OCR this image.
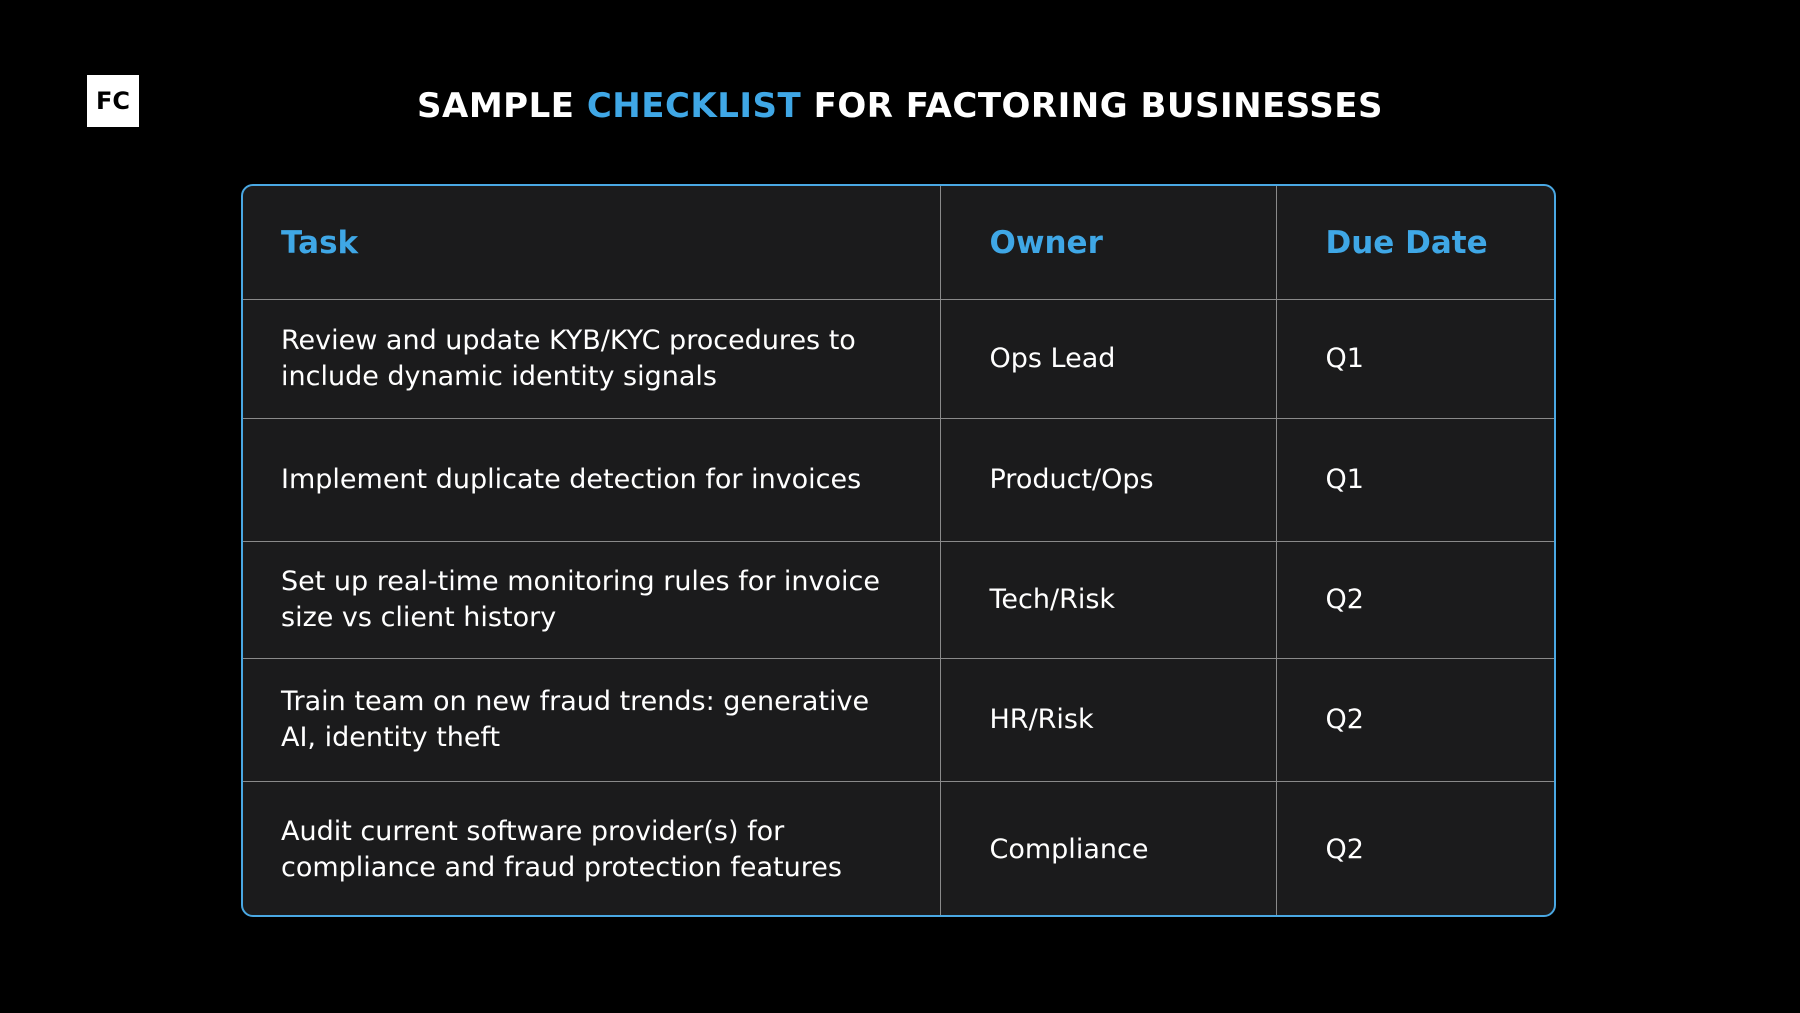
FC	SAMPLE CHECKLIST FOR FACTORING BUSINESSES
Task	Owner	Due Date
Review and update KYB/KYC procedures to include dynamic identity signals	Ops Lead	Q1
Implement duplicate detection for invoices	Product/Ops	Q1
Set up real-time monitoring rules for invoice size vs client history	Tech/Risk	Q2
Train team on new fraud trends: generative AI, identity theft	HR/Risk	Q2
Audit current software provider(s) for compliance and fraud protection features	Compliance	Q2
